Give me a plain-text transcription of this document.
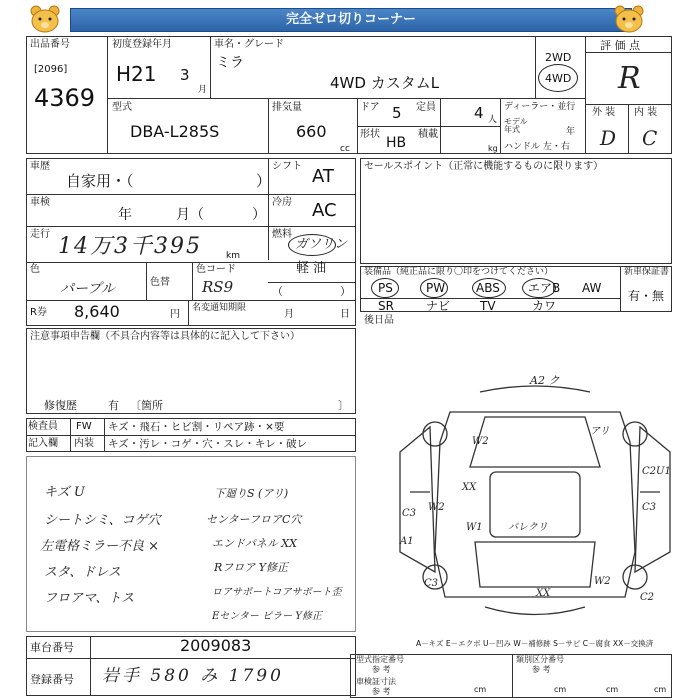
完全ゼロ切りコーナー
出品番号
[2096]
4369
初度登録年月
H21 3
月
車名・グレード
ミラ
4WD カスタムL
2WD
4WD
評 価 点
R
外 装 内 装
D C
型式
DBA-L285S
排気量
660
cc
ドア 5 定員	4 人
形状
HB
積載
kg
ディーラー・並行
モデル
年式	年
ハンドル 左・右
車歴
自家用・（	）
シフト AT
車検
年	月（	）
冷房 AC
走行 14万3千395	km
燃料
ガソリン
軽 油
色
パープル	色替
色コード
RS9	（	）
R券 8,640	円
名変通知期限
月	日
セールスポイント（正常に機能するものに限ります）
装備品（純正品に限り〇印をつけてください）	新車保証書
有・無
PS	PW	ABS エアB AW
SR	ナビ TV	カワ
後日品
注意事項申告欄（不具合内容等は具体的に記入して下さい）
修復歴	有 〔箇所	〕
検査員 FW キズ・飛石・ヒビ割・リペア跡・×要
記入欄 内装 キズ・汚レ・コゲ・穴・スレ・キレ・破レ
キズ U
シートシミ、コゲ穴
左電格ミラー不良 ×
スタ、ドレス
フロアマ、トス
下廻りS (アリ)
センターフロアC穴
エンドパネル XX
Rフロア Y修正
ロアサポートコアサポート歪
Eセンター ピラー Y修正
A2 ク
アリ
W2
C2U1
XX
C3
W2
W1
C3
A1
C3
パレクリ
XX
W2
C2
A－キズ E－エクボ U－凹み W－補修跡 S－サビ C－腐食 XX－交換済
車台番号	2009083
登録番号 岩手 580 み 1790
型式指定番号
参 考
類別区分番号
参 考
車検証寸法
参 考	cm	cm	cm	cm
